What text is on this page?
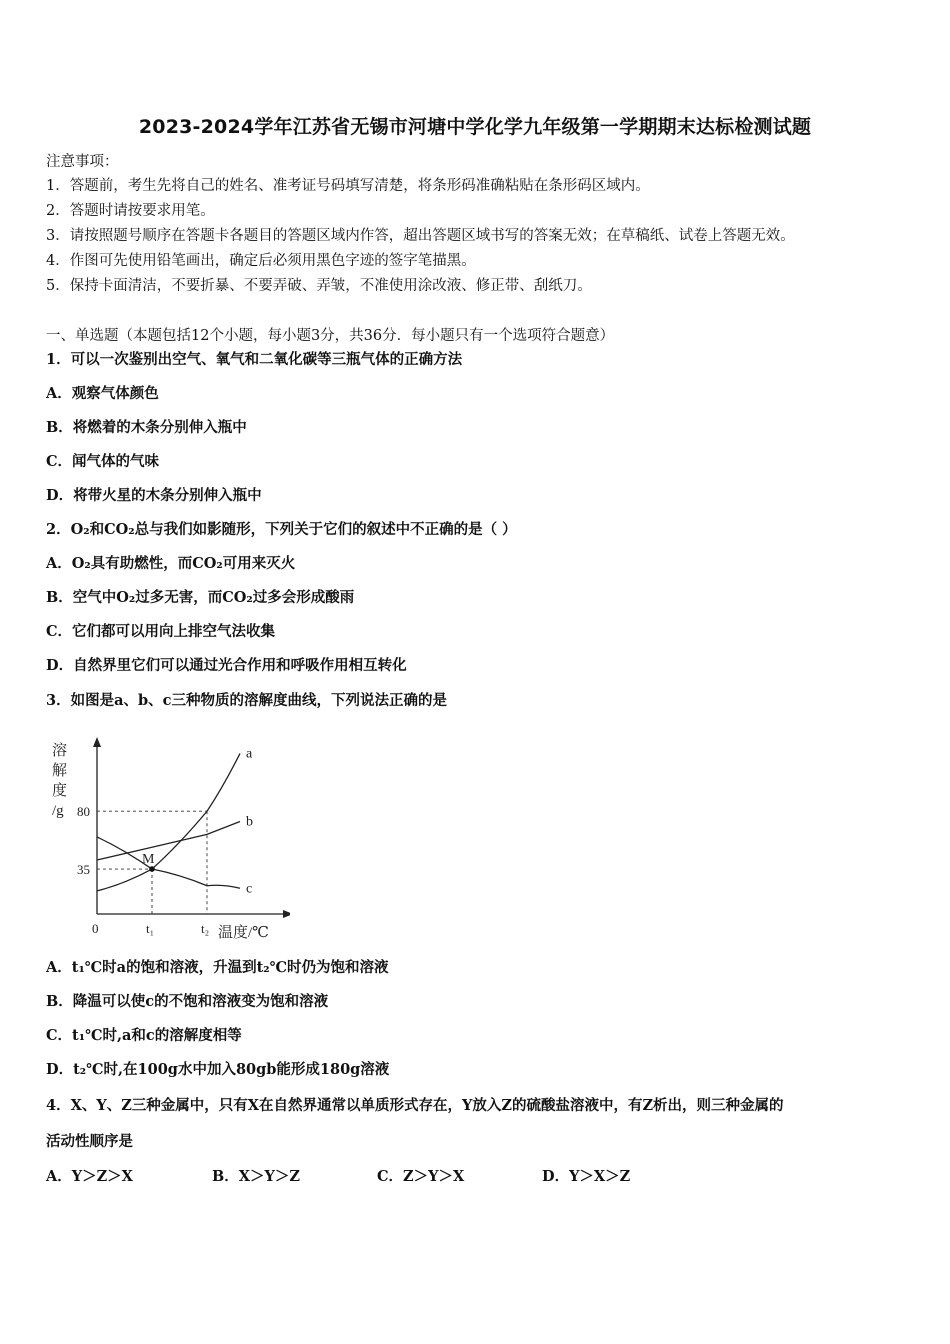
2023-2024学年江苏省无锡市河塘中学化学九年级第一学期期末达标检测试题
注意事项：
1．答题前，考生先将自己的姓名、准考证号码填写清楚，将条形码准确粘贴在条形码区域内。
2．答题时请按要求用笔。
3．请按照题号顺序在答题卡各题目的答题区域内作答，超出答题区域书写的答案无效；在草稿纸、试卷上答题无效。
4．作图可先使用铅笔画出，确定后必须用黑色字迹的签字笔描黑。
5．保持卡面清洁，不要折暴、不要弄破、弄皱，不准使用涂改液、修正带、刮纸刀。
一、单选题（本题包括12个小题，每小题3分，共36分．每小题只有一个选项符合题意）
1．可以一次鉴别出空气、氧气和二氧化碳等三瓶气体的正确方法
A．观察气体颜色
B．将燃着的木条分别伸入瓶中
C．闻气体的气味
D．将带火星的木条分别伸入瓶中
2．O₂和CO₂总与我们如影随形，下列关于它们的叙述中不正确的是（ ）
A．O₂具有助燃性，而CO₂可用来灭火
B．空气中O₂过多无害，而CO₂过多会形成酸雨
C．它们都可以用向上排空气法收集
D．自然界里它们可以通过光合作用和呼吸作用相互转化
3．如图是a、b、c三种物质的溶解度曲线，下列说法正确的是
溶
解
度
/g
温度/℃
0	t₁	t₂
35
80
a
b
c
M
A．t₁℃时a的饱和溶液，升温到t₂℃时仍为饱和溶液
B．降温可以使c的不饱和溶液变为饱和溶液
C．t₁℃时,a和c的溶解度相等
D．t₂℃时,在100g水中加入80gb能形成180g溶液
4．X、Y、Z三种金属中，只有X在自然界通常以单质形式存在，Y放入Z的硫酸盐溶液中，有Z析出，则三种金属的
活动性顺序是
A．Y＞Z＞X	B．X＞Y＞Z	C．Z＞Y＞X	D．Y＞X＞Z
